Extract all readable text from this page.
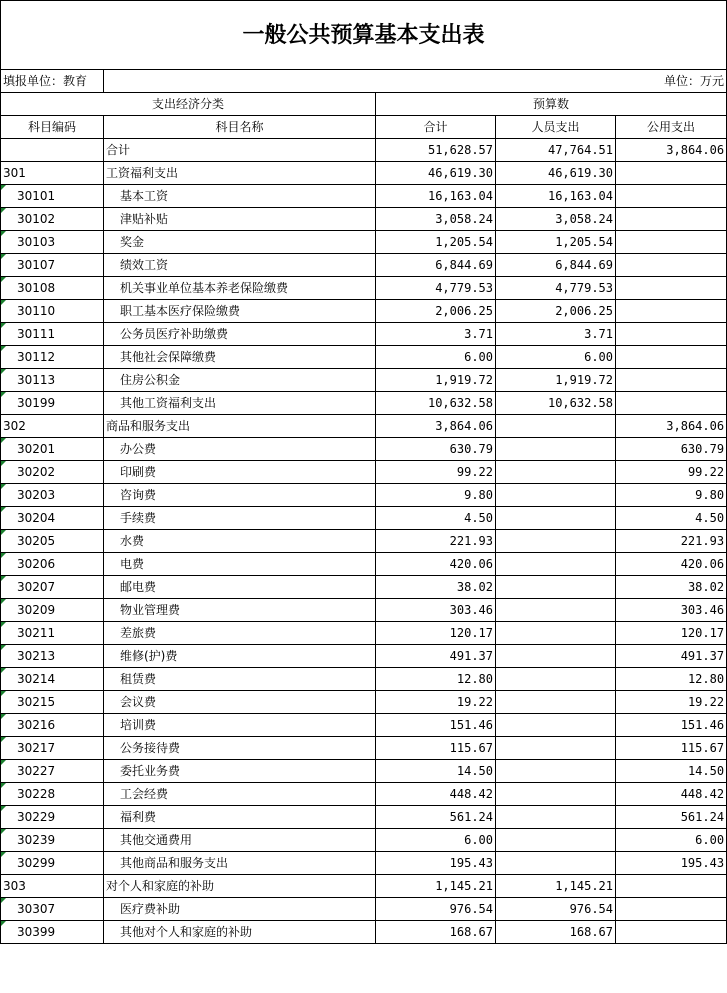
一般公共预算基本支出表				
填报单位：教育	单位：万元			
支出经济分类		预算数		
科目编码	科目名称	合计	人员支出	公用支出
	合计	51,628.57	47,764.51	3,864.06
301	工资福利支出	46,619.30	46,619.30	

30101	基本工资	16,163.04	16,163.04	

30102	津贴补贴	3,058.24	3,058.24	

30103	奖金	1,205.54	1,205.54	

30107	绩效工资	6,844.69	6,844.69	

30108	机关事业单位基本养老保险缴费	4,779.53	4,779.53	

30110	职工基本医疗保险缴费	2,006.25	2,006.25	

30111	公务员医疗补助缴费	3.71	3.71	

30112	其他社会保障缴费	6.00	6.00	

30113	住房公积金	1,919.72	1,919.72	

30199	其他工资福利支出	10,632.58	10,632.58	
302	商品和服务支出	3,864.06		3,864.06

30201	办公费	630.79		630.79

30202	印刷费	99.22		99.22

30203	咨询费	9.80		9.80

30204	手续费	4.50		4.50

30205	水费	221.93		221.93

30206	电费	420.06		420.06

30207	邮电费	38.02		38.02

30209	物业管理费	303.46		303.46

30211	差旅费	120.17		120.17

30213	维修(护)费	491.37		491.37

30214	租赁费	12.80		12.80

30215	会议费	19.22		19.22

30216	培训费	151.46		151.46

30217	公务接待费	115.67		115.67

30227	委托业务费	14.50		14.50

30228	工会经费	448.42		448.42

30229	福利费	561.24		561.24

30239	其他交通费用	6.00		6.00

30299	其他商品和服务支出	195.43		195.43
303	对个人和家庭的补助	1,145.21	1,145.21	

30307	医疗费补助	976.54	976.54	

30399	其他对个人和家庭的补助	168.67	168.67	
